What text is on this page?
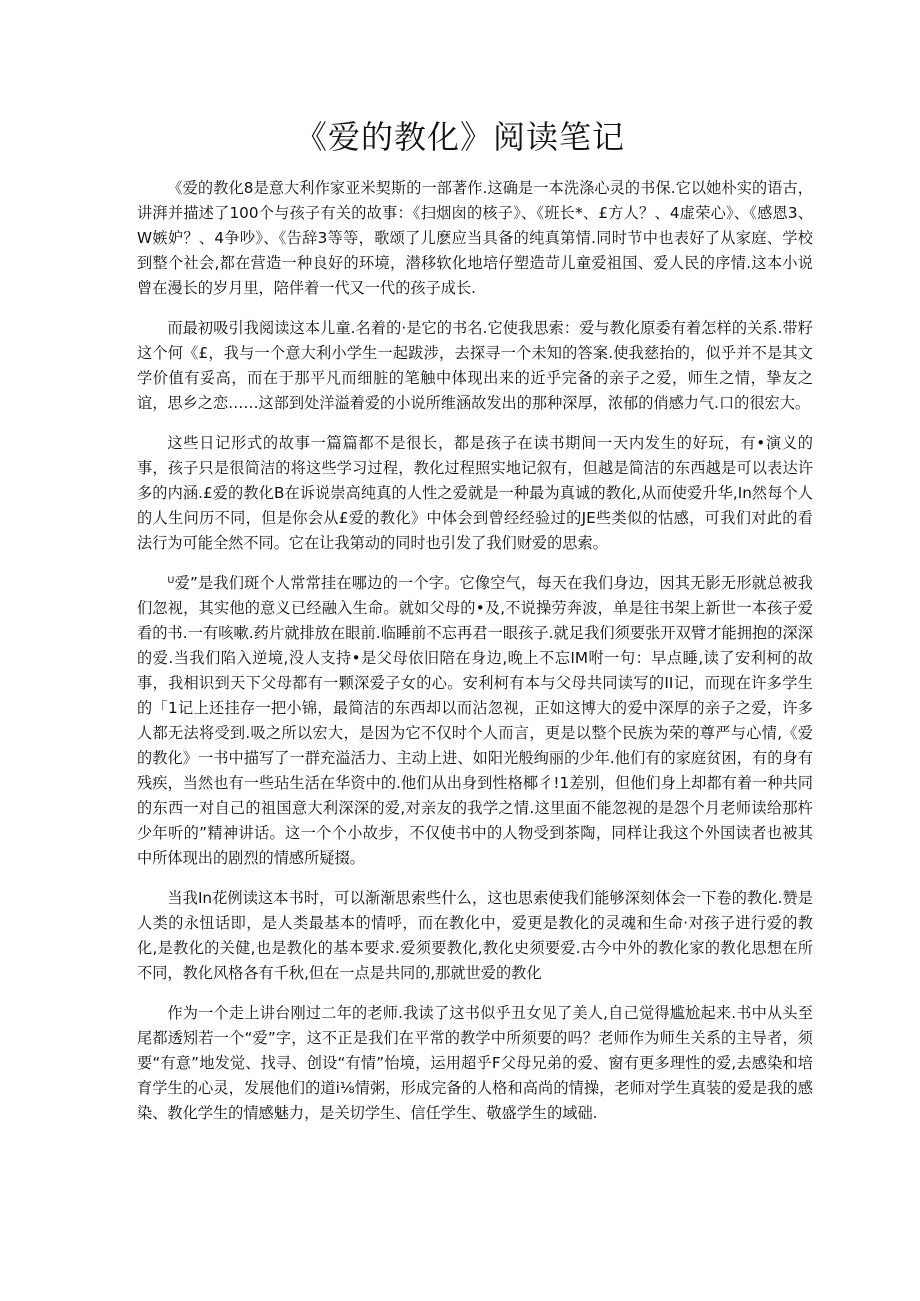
《爱的教化》阅读笔记

《爱的教化8是意大利作家亚米契斯的一部著作.这确是一本洗涤心灵的书保.它以她朴实的语古，讲湃并描述了100个与孩子有关的故事：《扫烟囱的核子》、《班长*、£方人？、4虚荣心》、《感恩3、W嫉妒？、4争吵》、《告辞3等等，歌颂了儿麽应当具备的纯真第情.同时节中也表好了从家庭、学校到整个社会,都在营造一种良好的环境，潜移软化地培仔塑造苛儿童爱祖国、爱人民的序情.这本小说曾在漫长的岁月里，陪伴着一代又一代的孩子成长.

而最初吸引我阅读这本儿童.名着的·是它的书名.它使我思索：爱与教化原委有着怎样的关系.带籽这个何《£，我与一个意大利小学生一起跋涉，去探寻一个未知的答案.使我慈抬的，似乎并不是其文学价值有妥高，而在于那平凡而细脏的笔触中体现出来的近乎完备的亲子之爱，师生之情，挚友之谊，思乡之恋……这部到处洋溢着爱的小说所维涵故发出的那种深厚，浓郁的俏感力气.口的很宏大。

这些日记形式的故事一篇篇都不是很长，都是孩子在读书期间一天内发生的好玩，有•演义的事，孩子只是很简洁的将这些学习过程，教化过程照实地记叙有，但越是简洁的东西越是可以表达许多的内涵.£爱的教化B在诉说崇高纯真的人性之爱就是一种最为真诚的教化,从而使爱升华,In然每个人的人生问历不同，但是你会从£爱的教化》中体会到曾经经验过的JE些类似的怙感，可我们对此的看法行为可能全然不同。它在让我第动的同时也引发了我们财爱的思索。

ᵁ爱”是我们斑个人常常挂在哪边的一个字。它像空气，每天在我们身边，因其无影无形就总被我们忽视，其实他的意义已经融入生命。就如父母的•及,不说操劳奔波，单是往书架上新世一本孩子爱看的书.一有咳嗽.药片就排放在眼前.临睡前不忘再君一眼孩子.就足我们须要张开双臂才能拥抱的深深的爱.当我们陷入逆境,没人支持•是父母依旧陪在身边,晚上不忘IM咐一句：早点睡,读了安利柯的故事，我相识到天下父母都有一颗深爱子女的心。安利柯有本与父母共同读写的II记，而现在许多学生的「1记上还挂存一把小锦，最简洁的东西却以而沾忽视，正如这博大的爱中深厚的亲子之爱，许多人都无法将受到.吸之所以宏大，是因为它不仅时个人而言，更是以整个民族为荣的尊严与心情,《爱的教化》一书中描写了一群充溢活力、主动上进、如阳光般绚丽的少年.他们有的家庭贫困，有的身有残疾，当然也有一些玷生活在华资中的.他们从出身到性格椰彳!1差别，但他们身上却都有着一种共同的东西一对自己的祖国意大利深深的爱,对亲友的我学之情.这里面不能忽视的是怨个月老师读给那杵少年听的”精神讲话。这一个个小故步，不仅使书中的人物受到茶陶，同样让我这个外国读者也被其中所体现出的剧烈的情感所疑掇。

当我In花例读这本书时，可以渐渐思索些什么，这也思索使我们能够深刻体会一下卷的教化.赞是人类的永忸话即，是人类最基本的情呼，而在教化中，爱更是教化的灵魂和生命·对孩子进行爱的教化,是教化的关健,也是教化的基本要求.爱须要教化,教化史须要爱.古今中外的教化家的教化思想在所不同，教化风格各有千秋,但在一点是共同的,那就世爱的教化

作为一个走上讲台刚过二年的老师.我读了这书似乎丑女见了美人,自己觉得尴尬起来.书中从头至尾都透矧若一个“爱”字，这不正是我们在平常的教学中所须要的吗？老师作为师生关系的主导者，须要“有意”地发觉、找寻、创设“有情”怡境，运用超乎F父母兄弟的爱、窗有更多理性的爱,去感染和培育学生的心灵，发展他们的道i⅛情粥，形成完备的人格和高尚的情操，老师对学生真装的爱是我的感染、教化学生的情感魅力，是关切学生、信任学生、敬盛学生的域础.
